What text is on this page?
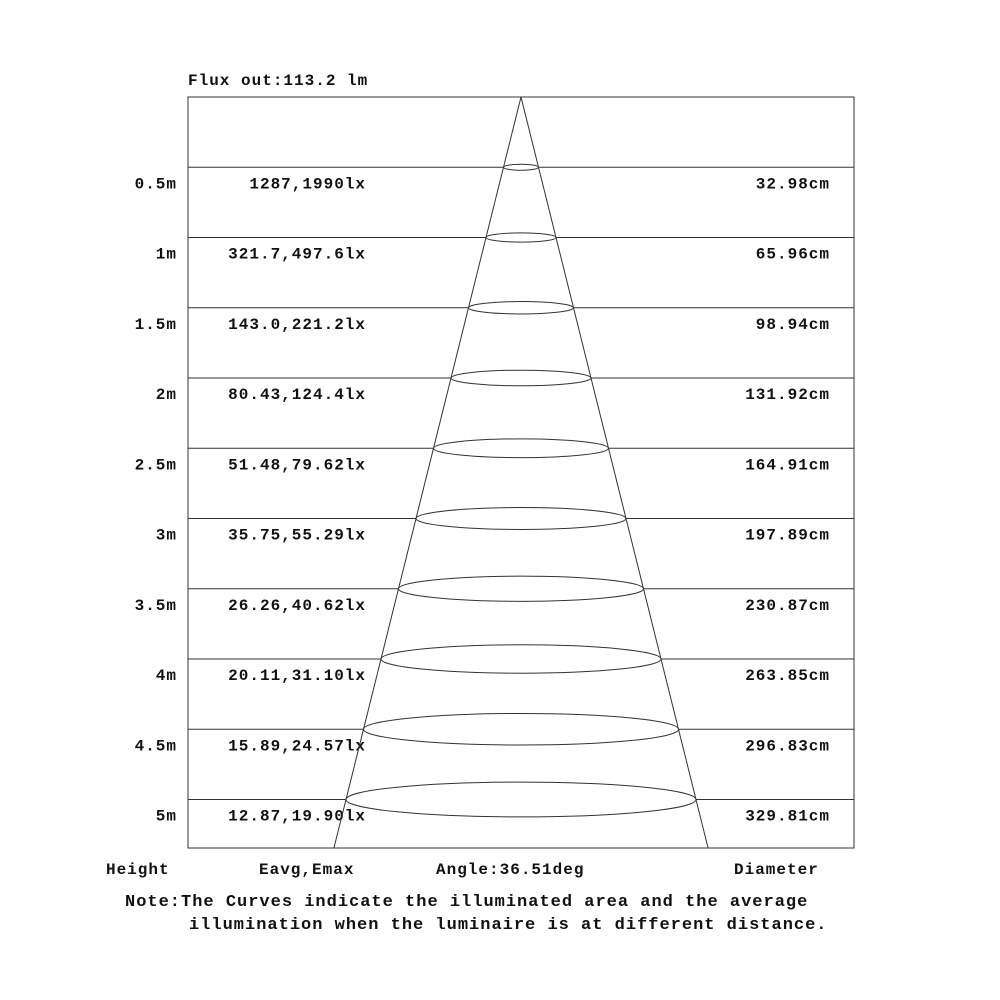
Flux out:113.2 lm
0.5m	1287,1990lx	32.98cm
1m	321.7,497.6lx	65.96cm
1.5m	143.0,221.2lx	98.94cm
2m	80.43,124.4lx	131.92cm
2.5m	51.48,79.62lx	164.91cm
3m	35.75,55.29lx	197.89cm
3.5m	26.26,40.62lx	230.87cm
4m	20.11,31.10lx	263.85cm
4.5m	15.89,24.57lx	296.83cm
5m	12.87,19.90lx	329.81cm
Height	Eavg,Emax	Angle:36.51deg	Diameter
Note:The Curves indicate the illuminated area and the average
illumination when the luminaire is at different distance.
